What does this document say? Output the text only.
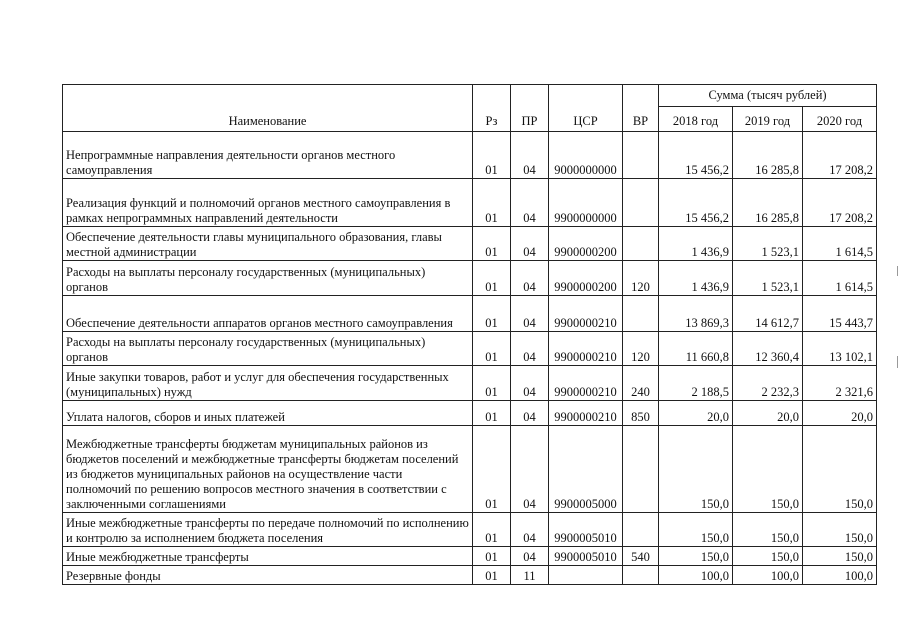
Наименование	Рз	ПР	ЦСР	ВР	Сумма (тысяч рублей)		
					2018 год	2019 год	2020 год
Непрограммные направления деятельности органов местного самоуправления	01	04	9000000000		15 456,2	16 285,8	17 208,2
Реализация функций и полномочий органов местного самоуправления в рамках непрограммных направлений деятельности	01	04	9900000000		15 456,2	16 285,8	17 208,2
Обеспечение деятельности главы муниципального образования, главы местной администрации	01	04	9900000200		1 436,9	1 523,1	1 614,5
Расходы на выплаты персоналу государственных (муниципальных) органов	01	04	9900000200	120	1 436,9	1 523,1	1 614,5
Обеспечение деятельности аппаратов органов местного самоуправления	01	04	9900000210		13 869,3	14 612,7	15 443,7
Расходы на выплаты персоналу государственных (муниципальных) органов	01	04	9900000210	120	11 660,8	12 360,4	13 102,1
Иные закупки товаров, работ и услуг для обеспечения государственных (муниципальных) нужд	01	04	9900000210	240	2 188,5	2 232,3	2 321,6
Уплата налогов, сборов и иных платежей	01	04	9900000210	850	20,0	20,0	20,0
Межбюджетные трансферты бюджетам муниципальных районов из бюджетов поселений и межбюджетные трансферты бюджетам поселений из бюджетов муниципальных районов на осуществление части полномочий по решению вопросов местного значения в соответствии с заключенными соглашениями	01	04	9900005000		150,0	150,0	150,0
Иные межбюджетные трансферты по передаче полномочий по исполнению и контролю за исполнением бюджета поселения	01	04	9900005010		150,0	150,0	150,0
Иные межбюджетные трансферты	01	04	9900005010	540	150,0	150,0	150,0
Резервные фонды	01	11			100,0	100,0	100,0
